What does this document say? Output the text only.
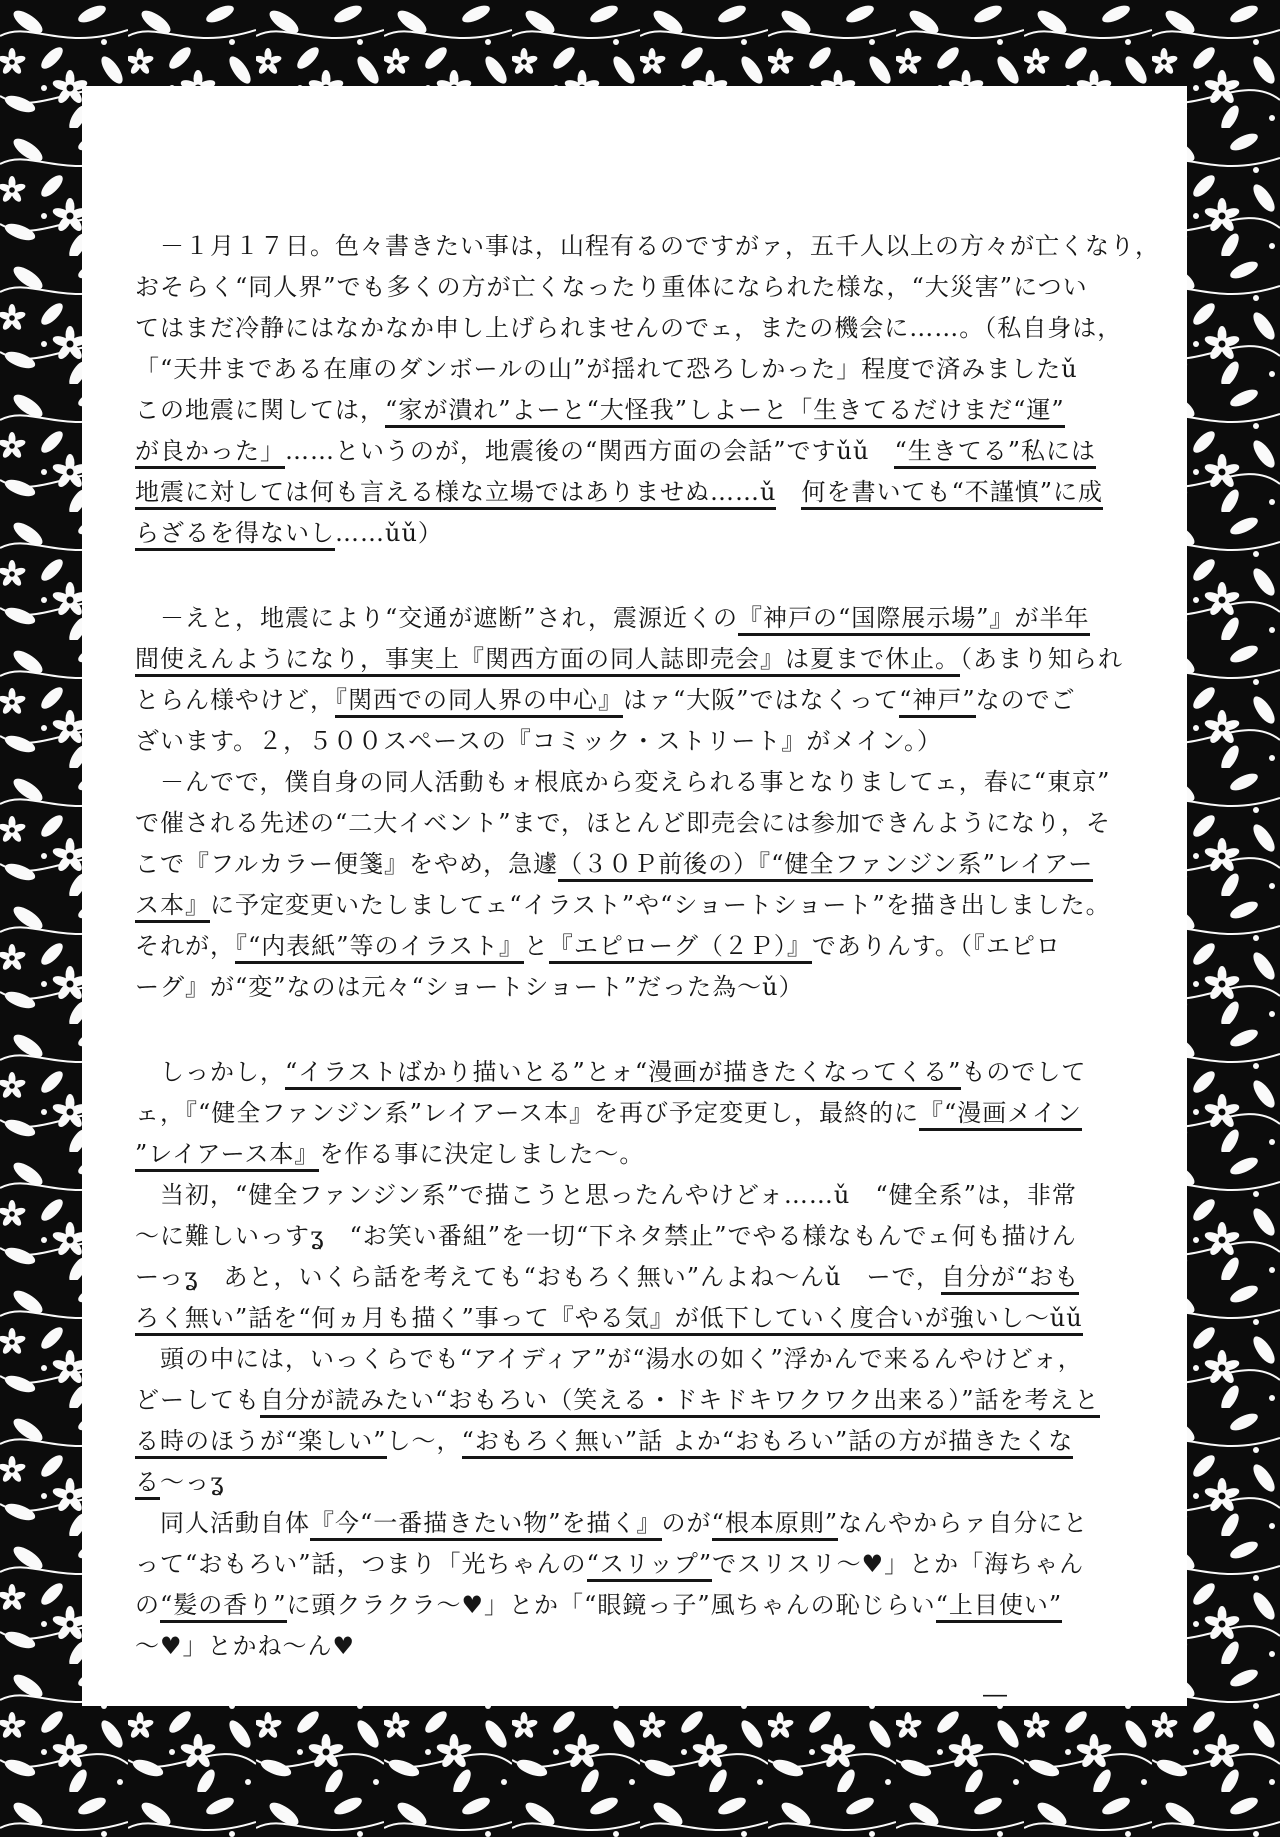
　－１月１７日。色々書きたい事は，山程有るのですがァ，五千人以上の方々が亡くなり，
おそらく“同人界”でも多くの方が亡くなったり重体になられた様な，“大災害”につい
てはまだ冷静にはなかなか申し上げられませんのでェ，またの機会に……。（私自身は，
「“天井まである在庫のダンボールの山”が揺れて恐ろしかった」程度で済みましたǔ
この地震に関しては，“家が潰れ”よーと“大怪我”しよーと「生きてるだけまだ“運”
が良かった」……というのが，地震後の“関西方面の会話”ですǔǔ　“生きてる”私には
地震に対しては何も言える様な立場ではありませぬ……ǔ　 何を書いても“不謹慎”に成
らざるを得ないし……ǔǔ）
　－えと，地震により“交通が遮断”され，震源近くの『神戸の“国際展示場”』が半年
間使えんようになり，事実上『関西方面の同人誌即売会』は夏まで休止。（あまり知られ
とらん様やけど，『関西での同人界の中心』はァ“大阪”ではなくって“神戸”なのでご
ざいます。２，５００スペースの『コミック・ストリート』がメイン。）
　－んでで，僕自身の同人活動もォ根底から変えられる事となりましてェ，春に“東京”
で催される先述の“二大イベント”まで，ほとんど即売会には参加できんようになり，そ
こで『フルカラー便箋』をやめ，急遽（３０Ｐ前後の）『“健全ファンジン系”レイアー
ス本』に予定変更いたしましてェ“イラスト”や“ショートショート”を描き出しました。
それが，『“内表紙”等のイラスト』と『エピローグ（２Ｐ）』でありんす。（『エピロ
ーグ』が“変”なのは元々“ショートショート”だった為〜ǔ）
　しっかし，“イラストばかり描いとる”とォ“漫画が描きたくなってくる”ものでして
ェ，『“健全ファンジン系”レイアース本』を再び予定変更し，最終的に『“漫画メイン
”レイアース本』を作る事に決定しました〜。
　当初，“健全ファンジン系”で描こうと思ったんやけどォ……ǔ　“健全系”は，非常
〜に難しいっすʓ　“お笑い番組”を一切“下ネタ禁止”でやる様なもんでェ何も描けん
ーっʓ　あと，いくら話を考えても“おもろく無い”んよね〜んǔ　ーで，自分が“おも
ろく無い”話を“何ヵ月も描く”事って『やる気』が低下していく度合いが強いし〜ǔǔ
　頭の中には，いっくらでも“アイディア”が“湯水の如く”浮かんで来るんやけどォ，
どーしても自分が読みたい“おもろい（笑える・ドキドキワクワク出来る）”話を考えと
る時のほうが“楽しい”し〜，“おもろく無い”話 よか“おもろい”話の方が描きたくな
る〜っʓ
　同人活動自体『今“一番描きたい物”を描く』のが“根本原則”なんやからァ自分にと
って“おもろい”話，つまり「光ちゃんの“スリップ”でスリスリ〜♥」とか「海ちゃん
の“髪の香り”に頭クラクラ〜♥」とか「“眼鏡っ子”風ちゃんの恥じらい“上目使い”
〜♥」とかね〜ん♥
―
